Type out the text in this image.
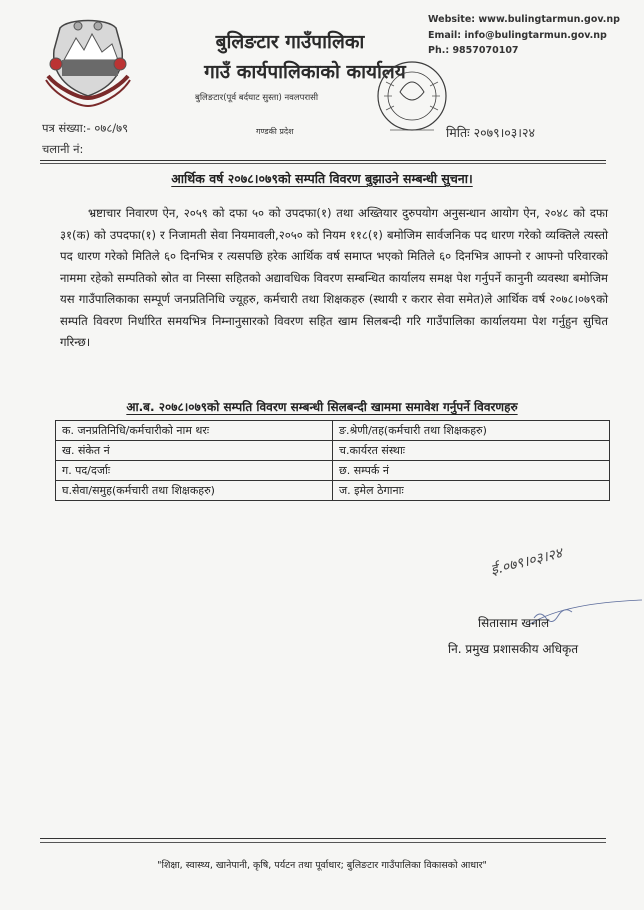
बुलिङटार गाउँपालिका
गाउँ कार्यपालिकाको कार्यालय
बुलिङटार(पूर्व बर्दघाट सुस्ता) नवलपरासी
Website: www.bulingtarmun.gov.np
Email: info@bulingtarmun.gov.np
Ph.: 9857070107
पत्र संख्या:- ०७८/७९
चलानी नं:
गण्डकी प्रदेश	मितिः २०७९।०३।२४
आर्थिक वर्ष २०७८।०७९को सम्पति विवरण बुझाउने सम्बन्धी सुचना।

भ्रष्टाचार निवारण ऐन, २०५९ को दफा ५० को उपदफा(१) तथा अख्तियार दुरुपयोग अनुसन्धान आयोग ऐन, २०४८ को दफा ३१(क) को उपदफा(१) र निजामती सेवा नियमावली,२०५० को नियम ११८(१) बमोजिम सार्वजनिक पद धारण गरेको व्यक्तिले त्यस्तो पद धारण गरेको मितिले ६० दिनभित्र र त्यसपछि हरेक आर्थिक वर्ष समाप्त भएको मितिले ६० दिनभित्र आफ्नो र आफ्नो परिवारको नाममा रहेको सम्पतिको स्रोत वा निस्सा सहितको अद्यावधिक विवरण सम्बन्धित कार्यालय समक्ष पेश गर्नुपर्ने कानुनी व्यवस्था बमोजिम यस गाउँपालिकाका सम्पूर्ण जनप्रतिनिधि ज्यूहरु, कर्मचारी तथा शिक्षकहरु (स्थायी र करार सेवा समेत)ले आर्थिक वर्ष २०७८।०७९को सम्पति विवरण निर्धारित समयभित्र निम्नानुसारको विवरण सहित खाम सिलबन्दी गरि गाउँपालिका कार्यालयमा पेश गर्नुहुन सुचित गरिन्छ।

आ.ब. २०७८।०७९को सम्पति विवरण सम्बन्धी सिलबन्दी खाममा समावेश गर्नुपर्ने विवरणहरु
क. जनप्रतिनिधि/कर्मचारीको नाम थरः	ङ.श्रेणी/तह(कर्मचारी तथा शिक्षकहरु)
ख. संकेत नं	च.कार्यरत संस्थाः
ग. पद/दर्जाः	छ. सम्पर्क नं
घ.सेवा/समुह(कर्मचारी तथा शिक्षकहरु)	ज. इमेल ठेगानाः
ई.०७९।०३।२४
सितासाम खनाल
नि. प्रमुख प्रशासकीय अधिकृत
"शिक्षा, स्वास्थ्य, खानेपानी, कृषि, पर्यटन तथा पूर्वाधार; बुलिङटार गाउँपालिका विकासको आधार"
